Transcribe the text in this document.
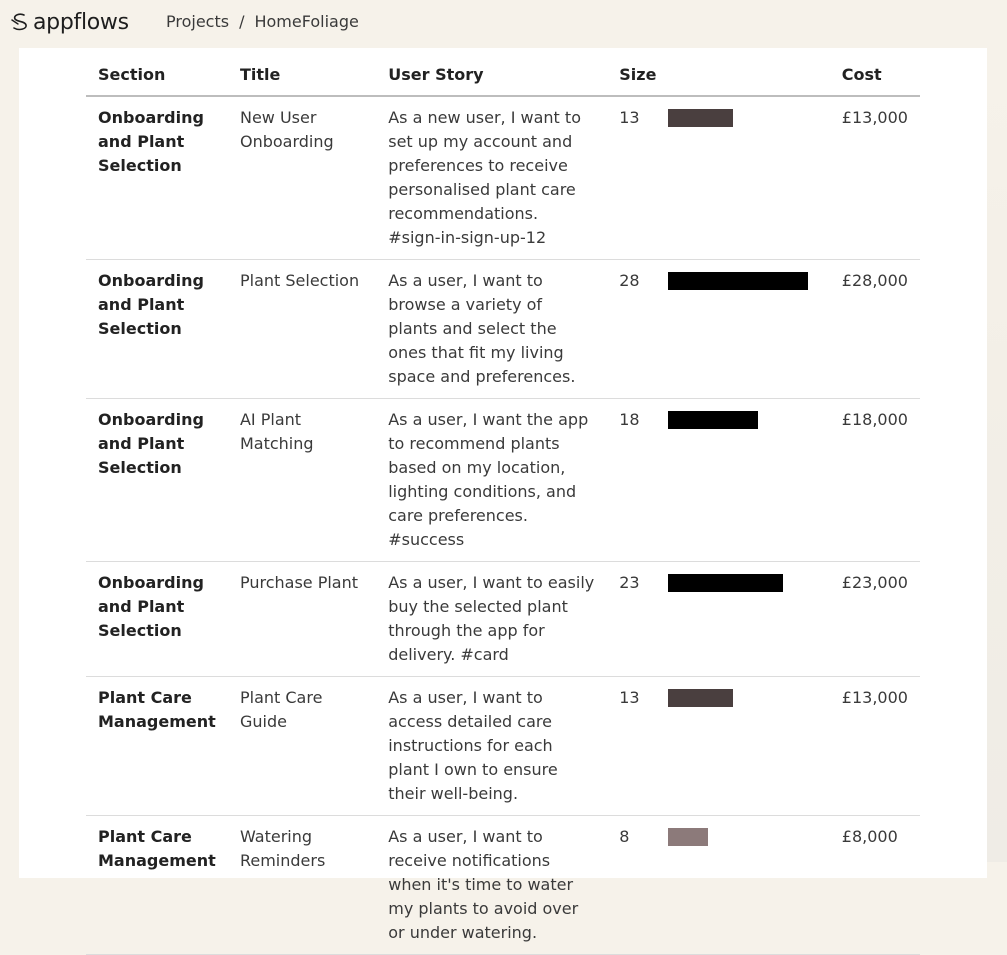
appflows Projects / HomeFoliage
Section	Title	User Story	Size		Cost
Onboarding and Plant Selection	New User Onboarding	As a new user, I want to set up my account and preferences to receive personalised plant care recommendations. #sign-in-sign-up-12	13		£13,000
Onboarding and Plant Selection	Plant Selection	As a user, I want to browse a variety of plants and select the ones that fit my living space and preferences.	28		£28,000
Onboarding and Plant Selection	AI Plant Matching	As a user, I want the app to recommend plants based on my location, lighting conditions, and care preferences. #success	18		£18,000
Onboarding and Plant Selection	Purchase Plant	As a user, I want to easily buy the selected plant through the app for delivery. #card	23		£23,000
Plant Care Management	Plant Care Guide	As a user, I want to access detailed care instructions for each plant I own to ensure their well-being.	13		£13,000
Plant Care Management	Watering Reminders	As a user, I want to receive notifications when it's time to water my plants to avoid over or under watering.	8		£8,000
